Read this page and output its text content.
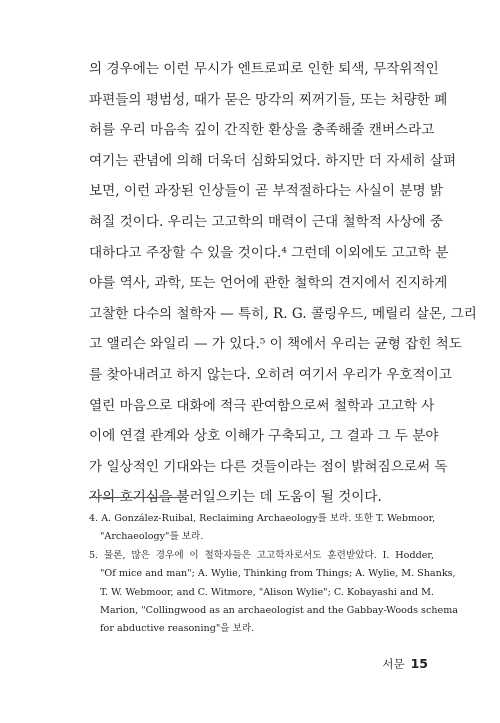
의 경우에는 이런 무시가 엔트로피로 인한 퇴색, 무작위적인
파편들의 평범성, 때가 묻은 망각의 찌꺼기들, 또는 처량한 폐
허를 우리 마음속 깊이 간직한 환상을 충족해줄 캔버스라고
여기는 관념에 의해 더욱더 심화되었다. 하지만 더 자세히 살펴
보면, 이런 과장된 인상들이 곧 부적절하다는 사실이 분명 밝
혀질 것이다. 우리는 고고학의 매력이 근대 철학적 사상에 중
대하다고 주장할 수 있을 것이다.⁴ 그런데 이외에도 고고학 분
야를 역사, 과학, 또는 언어에 관한 철학의 견지에서 진지하게
고찰한 다수의 철학자 — 특히, R. G. 콜링우드, 메릴리 살몬, 그리
고 앨리슨 와일리 — 가 있다.⁵ 이 책에서 우리는 균형 잡힌 척도
를 찾아내려고 하지 않는다. 오히려 여기서 우리가 우호적이고
열린 마음으로 대화에 적극 관여함으로써 철학과 고고학 사
이에 연결 관계와 상호 이해가 구축되고, 그 결과 그 두 분야
가 일상적인 기대와는 다른 것들이라는 점이 밝혀짐으로써 독
자의 호기심을 불러일으키는 데 도움이 될 것이다.
4. A. González-Ruibal, Reclaiming Archaeology를 보라. 또한 T. Webmoor,
"Archaeology"를 보라.
5. 물론, 많은 경우에 이 철학자들은 고고학자로서도 훈련받았다. I. Hodder,
"Of mice and man"; A. Wylie, Thinking from Things; A. Wylie, M. Shanks,
T. W. Webmoor, and C. Witmore, "Alison Wylie"; C. Kobayashi and M.
Marion, "Collingwood as an archaeologist and the Gabbay-Woods schema
for abductive reasoning"을 보라.
서문 15
